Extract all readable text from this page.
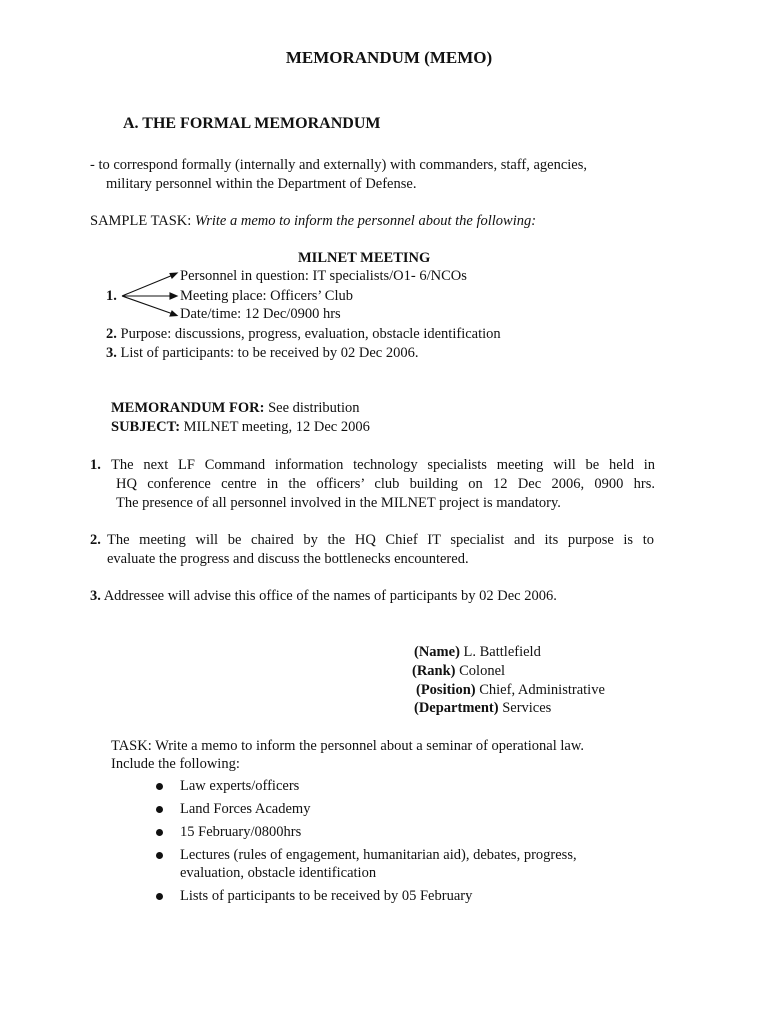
MEMORANDUM (MEMO)
A. THE FORMAL MEMORANDUM
- to correspond formally (internally and externally) with commanders, staff, agencies,
military personnel within the Department of Defense.
SAMPLE TASK: Write a memo to inform the personnel about the following:
MILNET MEETING
1.
Personnel in question: IT specialists/O1- 6/NCOs
Meeting place: Officers’ Club
Date/time: 12 Dec/0900 hrs
2. Purpose: discussions, progress, evaluation, obstacle identification
3. List of participants: to be received by 02 Dec 2006.
MEMORANDUM FOR: See distribution
SUBJECT: MILNET meeting, 12 Dec 2006
1. The next LF Command information technology specialists meeting will be held in
HQ conference centre in the officers’ club building on 12 Dec 2006, 0900 hrs.
The presence of all personnel involved in the MILNET project is mandatory.
2. The meeting will be chaired by the HQ Chief IT specialist and its purpose is to
evaluate the progress and discuss the bottlenecks encountered.
3. Addressee will advise this office of the names of participants by 02 Dec 2006.
(Name) L. Battlefield
(Rank) Colonel
(Position) Chief, Administrative
(Department) Services
TASK: Write a memo to inform the personnel about a seminar of operational law.
Include the following:
Law experts/officers
Land Forces Academy
15 February/0800hrs
Lectures (rules of engagement, humanitarian aid), debates, progress,
evaluation, obstacle identification
Lists of participants to be received by 05 February
